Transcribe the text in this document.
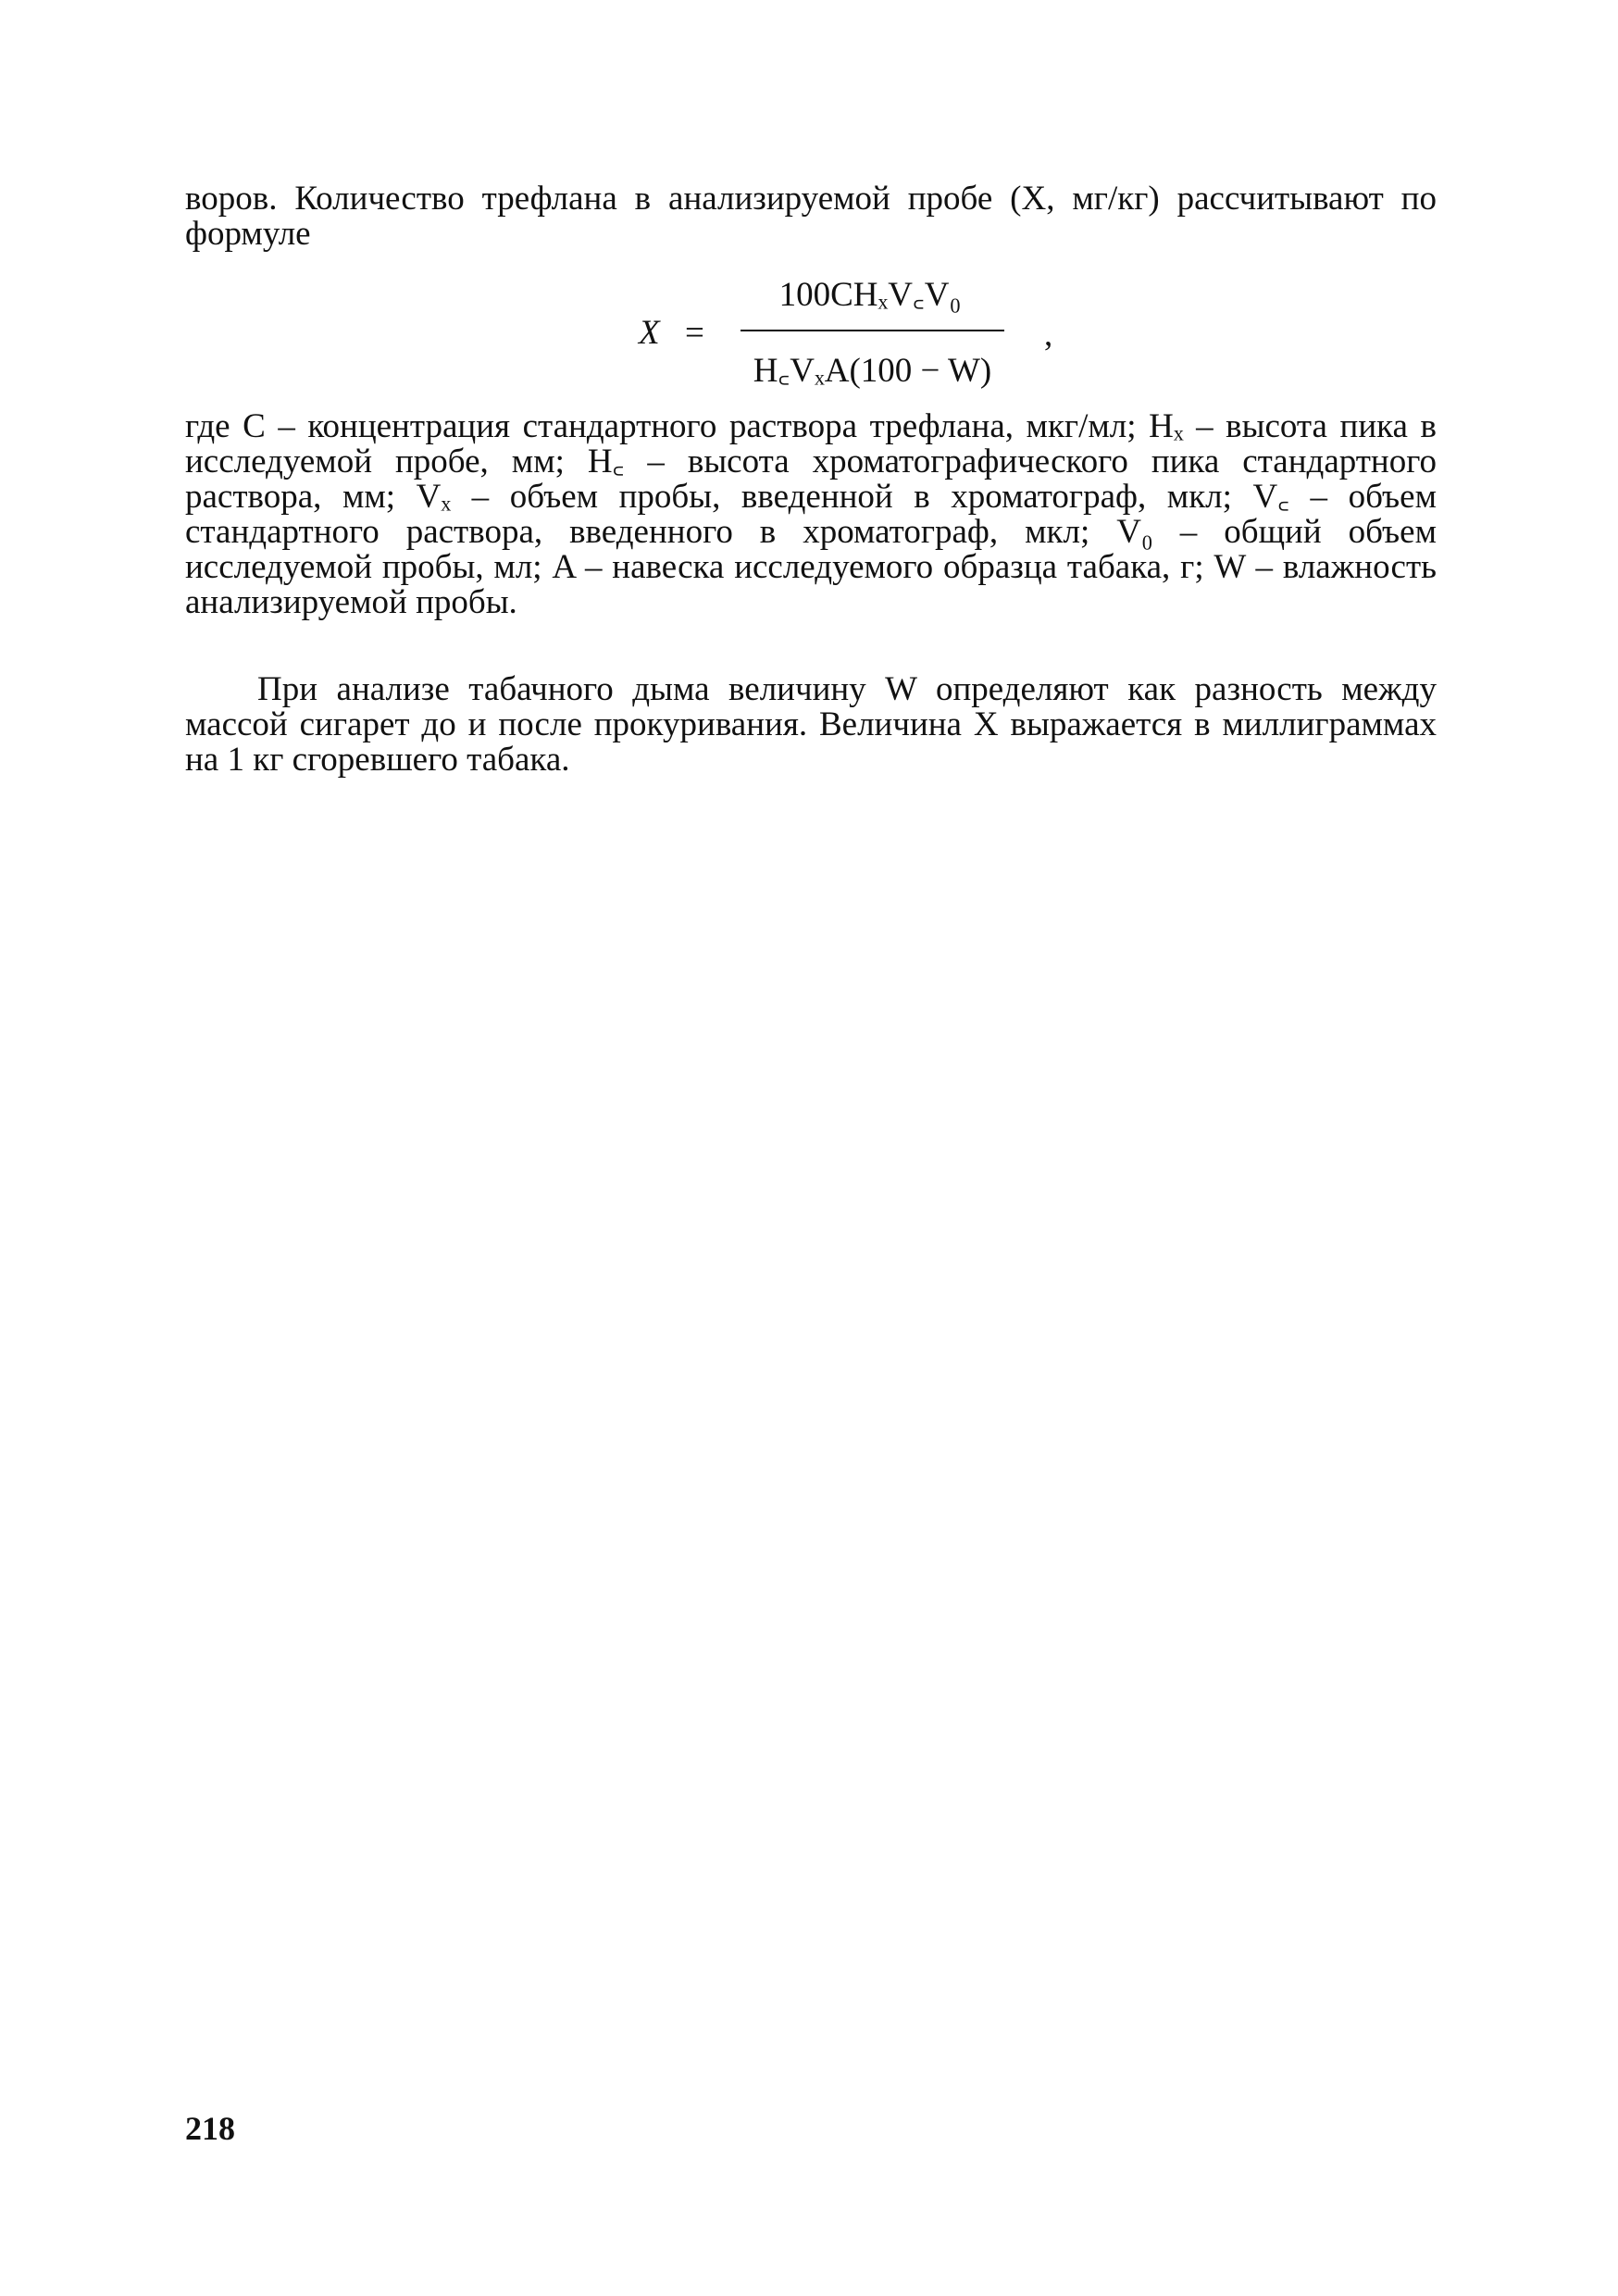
воров. Количество трефлана в анализируемой пробе (X, мг/кг) рассчитывают по формуле

X =
100CHₓV꜀V₀
H꜀VₓA(100 − W)
,

где C – концентрация стандартного раствора трефлана, мкг/мл; Hₓ – высота пика в исследуемой пробе, мм; H꜀ – высота хроматографического пика стандартного раствора, мм; Vₓ – объем пробы, введенной в хроматограф, мкл; V꜀ – объем стандартного раствора, введенного в хроматограф, мкл; V₀ – общий объем исследуемой пробы, мл; A – навеска исследуемого образца табака, г; W – влажность анализируемой пробы.

При анализе табачного дыма величину W определяют как разность между массой сигарет до и после прокуривания. Величина X выражается в миллиграммах на 1 кг сгоревшего табака.

218
